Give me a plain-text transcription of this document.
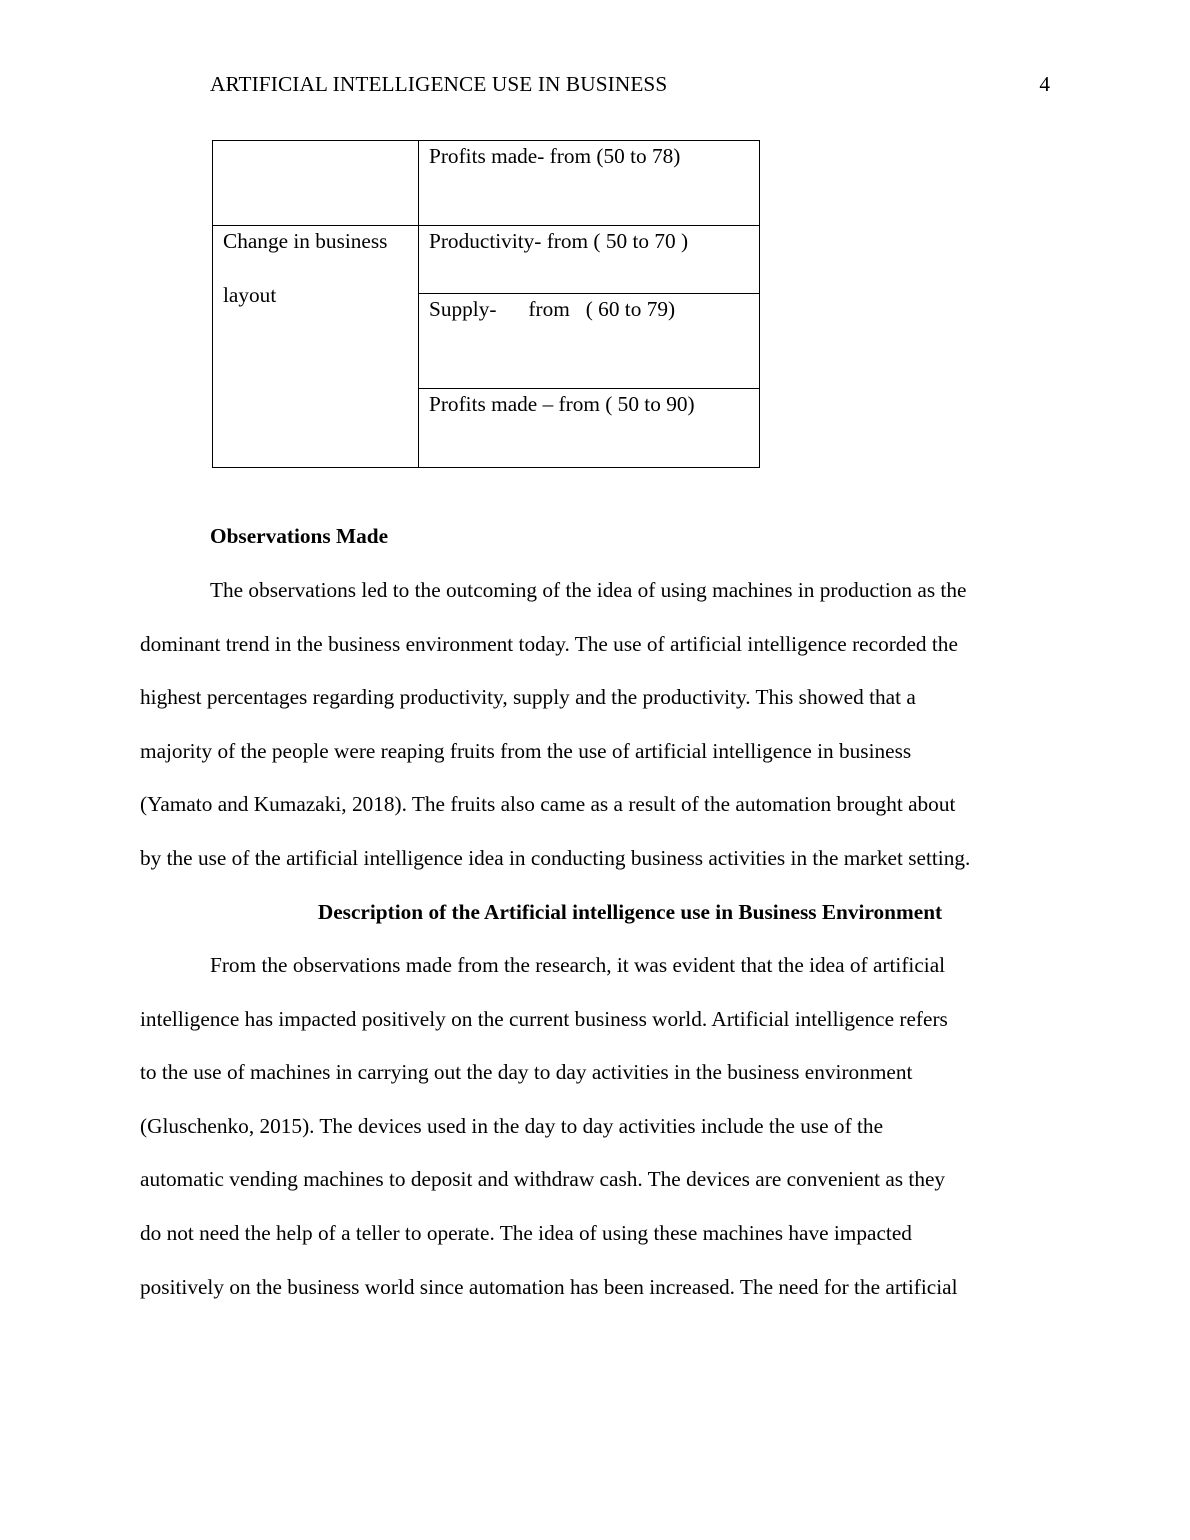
ARTIFICIAL INTELLIGENCE USE IN BUSINESS	4
	Profits made- from (50 to 78)
Change in business
layout	Productivity- from ( 50 to 70 )
	Supply-      from   ( 60 to 79)
	Profits made – from ( 50 to 90)
Observations Made
The observations led to the outcoming of the idea of using machines in production as the
dominant trend in the business environment today. The use of artificial intelligence recorded the
highest percentages regarding productivity, supply and the productivity. This showed that a
majority of the people were reaping fruits from the use of artificial intelligence in business
(Yamato and Kumazaki, 2018). The fruits also came as a result of the automation brought about
by the use of the artificial intelligence idea in conducting business activities in the market setting.
Description of the Artificial intelligence use in Business Environment
From the observations made from the research, it was evident that the idea of artificial
intelligence has impacted positively on the current business world. Artificial intelligence refers
to the use of machines in carrying out the day to day activities in the business environment
(Gluschenko, 2015). The devices used in the day to day activities include the use of the
automatic vending machines to deposit and withdraw cash. The devices are convenient as they
do not need the help of a teller to operate. The idea of using these machines have impacted
positively on the business world since automation has been increased. The need for the artificial
